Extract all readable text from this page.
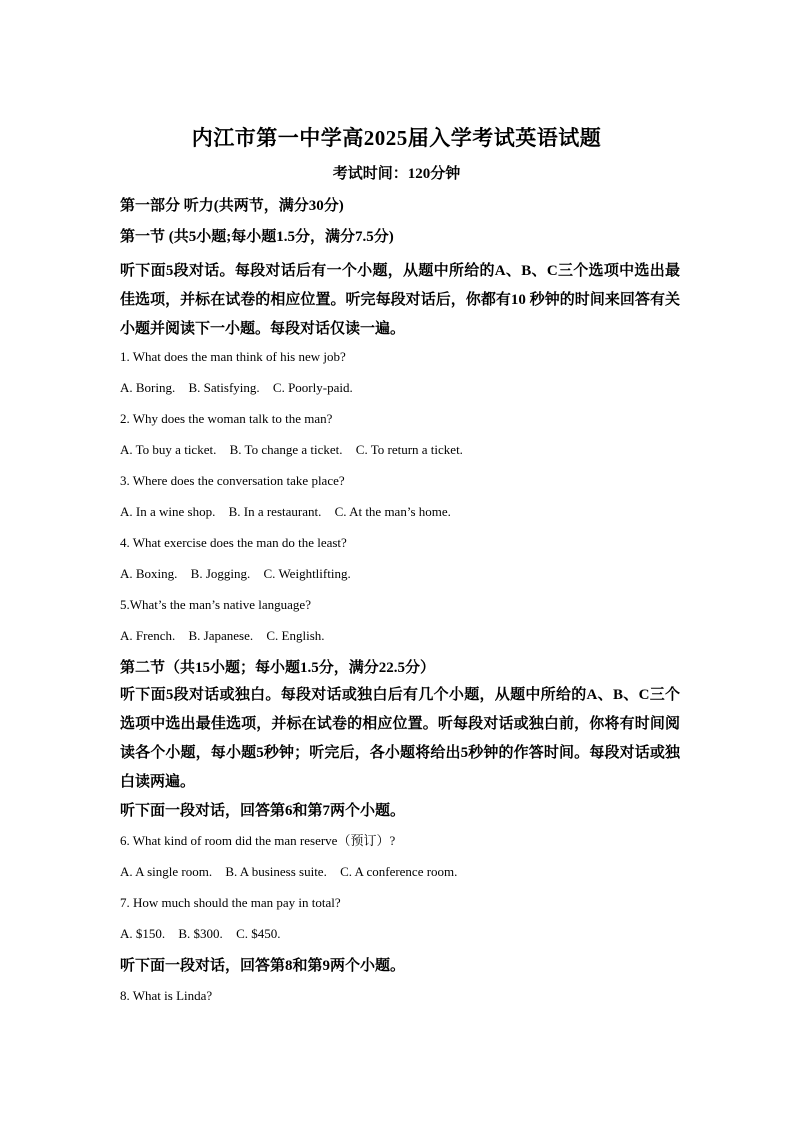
内江市第一中学高2025届入学考试英语试题
考试时间：120分钟
第一部分 听力(共两节，满分30分)
第一节 (共5小题;每小题1.5分，满分7.5分)
听下面5段对话。每段对话后有一个小题，从题中所给的A、B、C三个选项中选出最佳选项，并标在试卷的相应位置。听完每段对话后，你都有10 秒钟的时间来回答有关小题并阅读下一小题。每段对话仅读一遍。
1. What does the man think of his new job?
A. Boring. B. Satisfying. C. Poorly-paid.
2. Why does the woman talk to the man?
A. To buy a ticket. B. To change a ticket. C. To return a ticket.
3. Where does the conversation take place?
A. In a wine shop. B. In a restaurant. C. At the man’s home.
4. What exercise does the man do the least?
A. Boxing. B. Jogging. C. Weightlifting.
5.What’s the man’s native language?
A. French. B. Japanese. C. English.
第二节（共15小题；每小题1.5分，满分22.5分）
听下面5段对话或独白。每段对话或独白后有几个小题，从题中所给的A、B、C三个选项中选出最佳选项，并标在试卷的相应位置。听每段对话或独白前，你将有时间阅读各个小题，每小题5秒钟；听完后，各小题将给出5秒钟的作答时间。每段对话或独白读两遍。
听下面一段对话，回答第6和第7两个小题。
6. What kind of room did the man reserve（预订）?
A. A single room. B. A business suite. C. A conference room.
7. How much should the man pay in total?
A. $150. B. $300. C. $450.
听下面一段对话，回答第8和第9两个小题。
8. What is Linda?
